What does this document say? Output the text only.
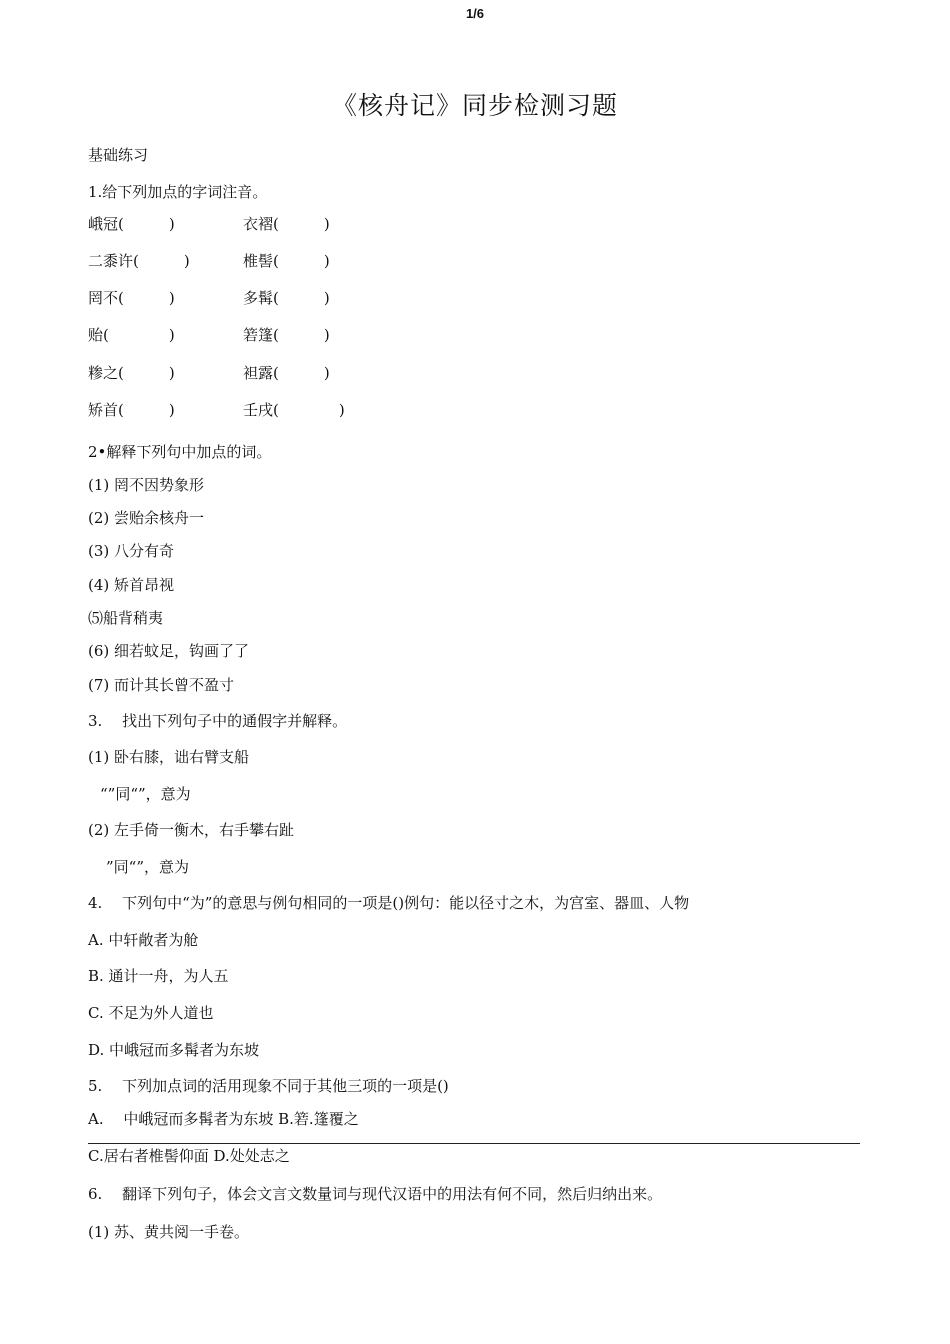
1/6
《核舟记》同步检测习题
基础练习
1.给下列加点的字词注音。
峨冠(　　　)	衣褶(　　　)
二黍许(　　　)	椎髻(　　　)
罔不(　　　)	多髯(　　　)
贻(　　　　)	箬篷(　　　)
糁之(　　　)	袒露(　　　)
矫首(　　　)	壬戌(　　　　)
2•解释下列句中加点的词。
(1) 罔不因势象形
(2) 尝贻余核舟一
(3) 八分有奇
(4) 矫首昂视
⑸船背稍夷
(6) 细若蚊足，钩画了了
(7) 而计其长曾不盈寸
3.　 找出下列句子中的通假字并解释。
(1) 卧右膝，诎右臂支船
“”同“”，意为
(2) 左手倚一衡木，右手攀右趾
”同“”，意为
4.　 下列句中“为”的意思与例句相同的一项是()例句：能以径寸之木，为宫室、器皿、人物
A. 中轩敞者为舱
B. 通计一舟，为人五
C. 不足为外人道也
D. 中峨冠而多髯者为东坡
5.　 下列加点词的活用现象不同于其他三项的一项是()
A.　 中峨冠而多髯者为东坡 B.箬.篷覆之
C.居右者椎髻仰面 D.处处志之
6.　 翻译下列句子，体会文言文数量词与现代汉语中的用法有何不同，然后归纳出来。
(1) 苏、黄共阅一手卷。
